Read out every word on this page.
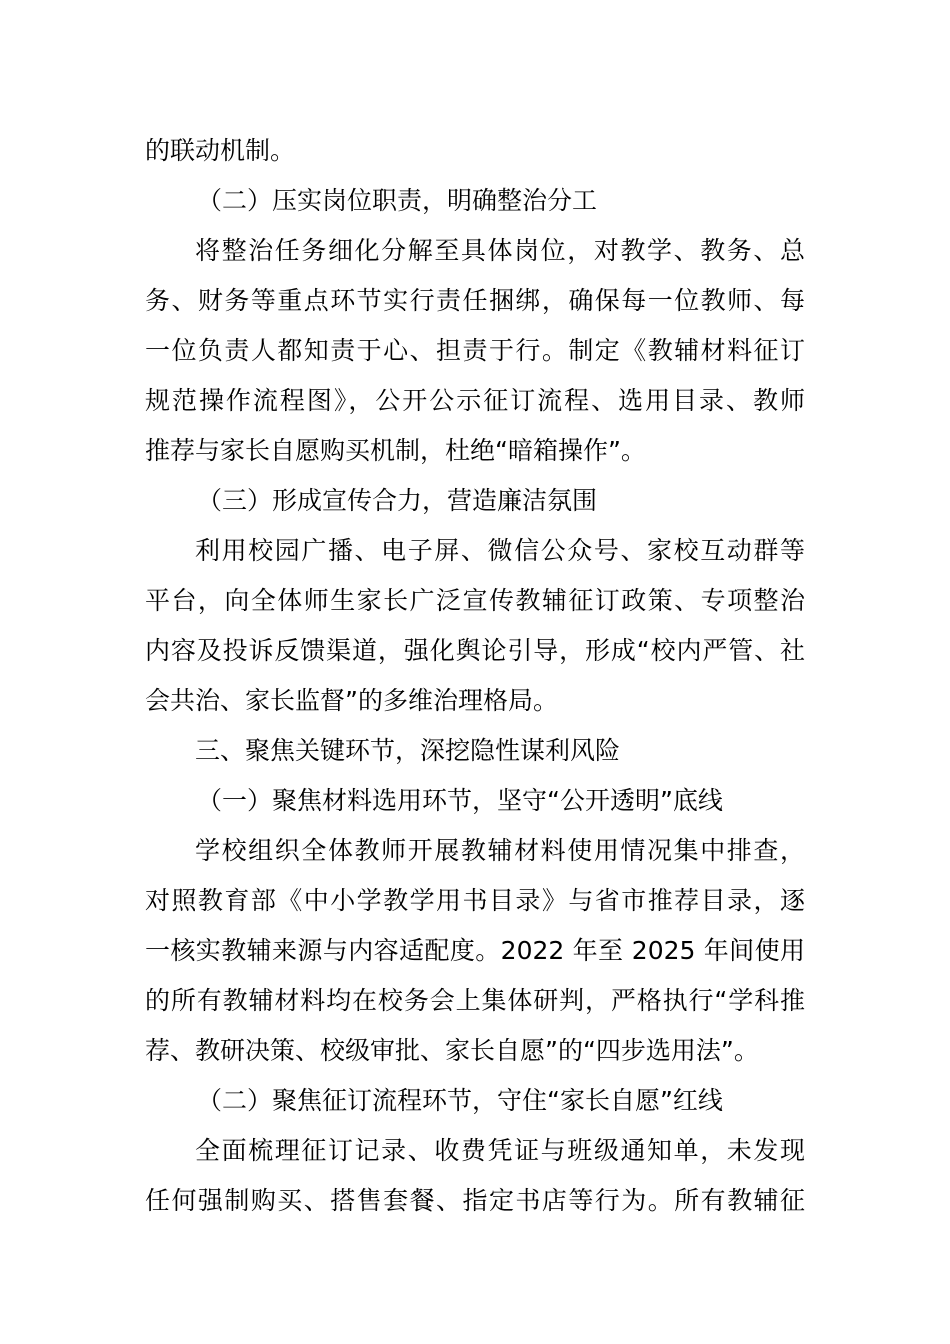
的联动机制。
（二）压实岗位职责，明确整治分工
将整治任务细化分解至具体岗位，对教学、教务、总
务、财务等重点环节实行责任捆绑，确保每一位教师、每
一位负责人都知责于心、担责于行。制定《教辅材料征订
规范操作流程图》，公开公示征订流程、选用目录、教师
推荐与家长自愿购买机制，杜绝“暗箱操作”。
（三）形成宣传合力，营造廉洁氛围
利用校园广播、电子屏、微信公众号、家校互动群等
平台，向全体师生家长广泛宣传教辅征订政策、专项整治
内容及投诉反馈渠道，强化舆论引导，形成“校内严管、社
会共治、家长监督”的多维治理格局。
三、聚焦关键环节，深挖隐性谋利风险
（一）聚焦材料选用环节，坚守“公开透明”底线
学校组织全体教师开展教辅材料使用情况集中排查，
对照教育部《中小学教学用书目录》与省市推荐目录，逐
一核实教辅来源与内容适配度。2022 年至 2025 年间使用
的所有教辅材料均在校务会上集体研判，严格执行“学科推
荐、教研决策、校级审批、家长自愿”的“四步选用法”。
（二）聚焦征订流程环节，守住“家长自愿”红线
全面梳理征订记录、收费凭证与班级通知单，未发现
任何强制购买、搭售套餐、指定书店等行为。所有教辅征
